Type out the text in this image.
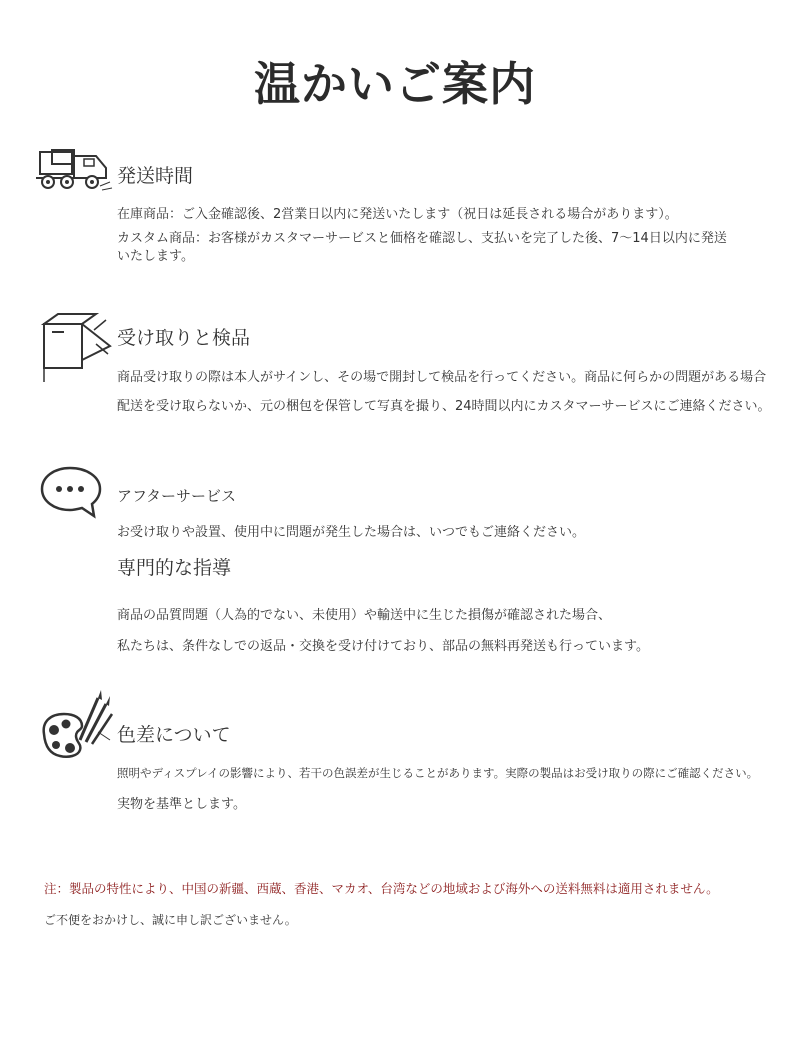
温かいご案内
発送時間
在庫商品：ご入金確認後、2営業日以内に発送いたします（祝日は延長される場合があります）。
カスタム商品：お客様がカスタマーサービスと価格を確認し、支払いを完了した後、7〜14日以内に発送いたします。
受け取りと検品
商品受け取りの際は本人がサインし、その場で開封して検品を行ってください。商品に何らかの問題がある場合
配送を受け取らないか、元の梱包を保管して写真を撮り、24時間以内にカスタマーサービスにご連絡ください。
アフターサービス
お受け取りや設置、使用中に問題が発生した場合は、いつでもご連絡ください。
専門的な指導
商品の品質問題（人為的でない、未使用）や輸送中に生じた損傷が確認された場合、
私たちは、条件なしでの返品・交換を受け付けており、部品の無料再発送も行っています。
色差について
照明やディスプレイの影響により、若干の色誤差が生じることがあります。実際の製品はお受け取りの際にご確認ください。
実物を基準とします。
注：製品の特性により、中国の新疆、西蔵、香港、マカオ、台湾などの地域および海外への送料無料は適用されません。
ご不便をおかけし、誠に申し訳ございません。
